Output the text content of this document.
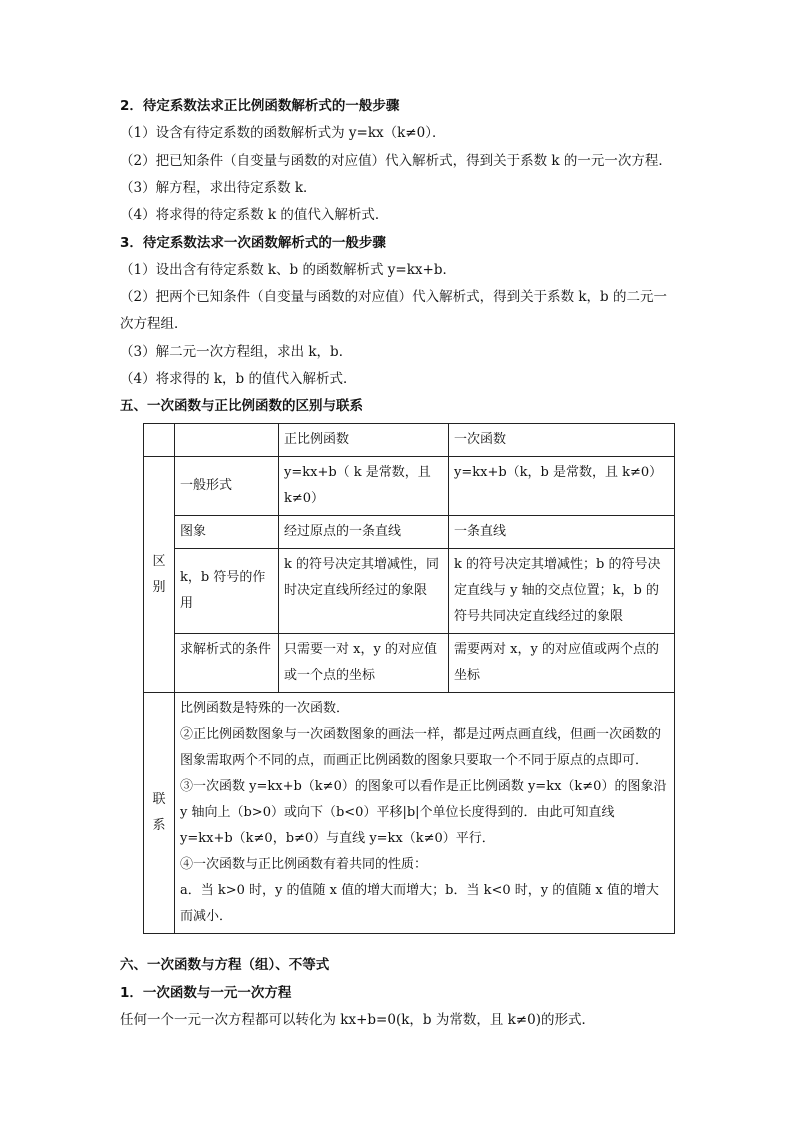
2．待定系数法求正比例函数解析式的一般步骤
（1）设含有待定系数的函数解析式为 y=kx（k≠0）．
（2）把已知条件（自变量与函数的对应值）代入解析式，得到关于系数 k 的一元一次方程．
（3）解方程，求出待定系数 k．
（4）将求得的待定系数 k 的值代入解析式．
3．待定系数法求一次函数解析式的一般步骤
（1）设出含有待定系数 k、b 的函数解析式 y=kx+b．
（2）把两个已知条件（自变量与函数的对应值）代入解析式，得到关于系数 k，b 的二元一
次方程组．
（3）解二元一次方程组，求出 k，b．
（4）将求得的 k，b 的值代入解析式．
五、一次函数与正比例函数的区别与联系
		正比例函数	一次函数
区别	一般形式	y=kx+b（ k 是常数，且 k≠0）	y=kx+b（k，b 是常数，且 k≠0）
	图象	经过原点的一条直线	一条直线
	k，b 符号的作用	k 的符号决定其增减性，同时决定直线所经过的象限	k 的符号决定其增减性；b 的符号决定直线与 y 轴的交点位置；k，b 的符号共同决定直线经过的象限
	求解析式的条件	只需要一对 x，y 的对应值或一个点的坐标	需要两对 x，y 的对应值或两个点的坐标
联系	比例函数是特殊的一次函数．
②正比例函数图象与一次函数图象的画法一样，都是过两点画直线，但画一次函数的图象需取两个不同的点，而画正比例函数的图象只要取一个不同于原点的点即可．
③一次函数 y=kx+b（k≠0）的图象可以看作是正比例函数 y=kx（k≠0）的图象沿 y 轴向上（b>0）或向下（b<0）平移|b|个单位长度得到的．由此可知直线 y=kx+b（k≠0，b≠0）与直线 y=kx（k≠0）平行．
④一次函数与正比例函数有着共同的性质：
a．当 k>0 时，y 的值随 x 值的增大而增大；b．当 k<0 时，y 的值随 x 值的增大而减小．		
六、一次函数与方程（组）、不等式
1．一次函数与一元一次方程
任何一个一元一次方程都可以转化为 kx+b=0(k，b 为常数，且 k≠0)的形式．
